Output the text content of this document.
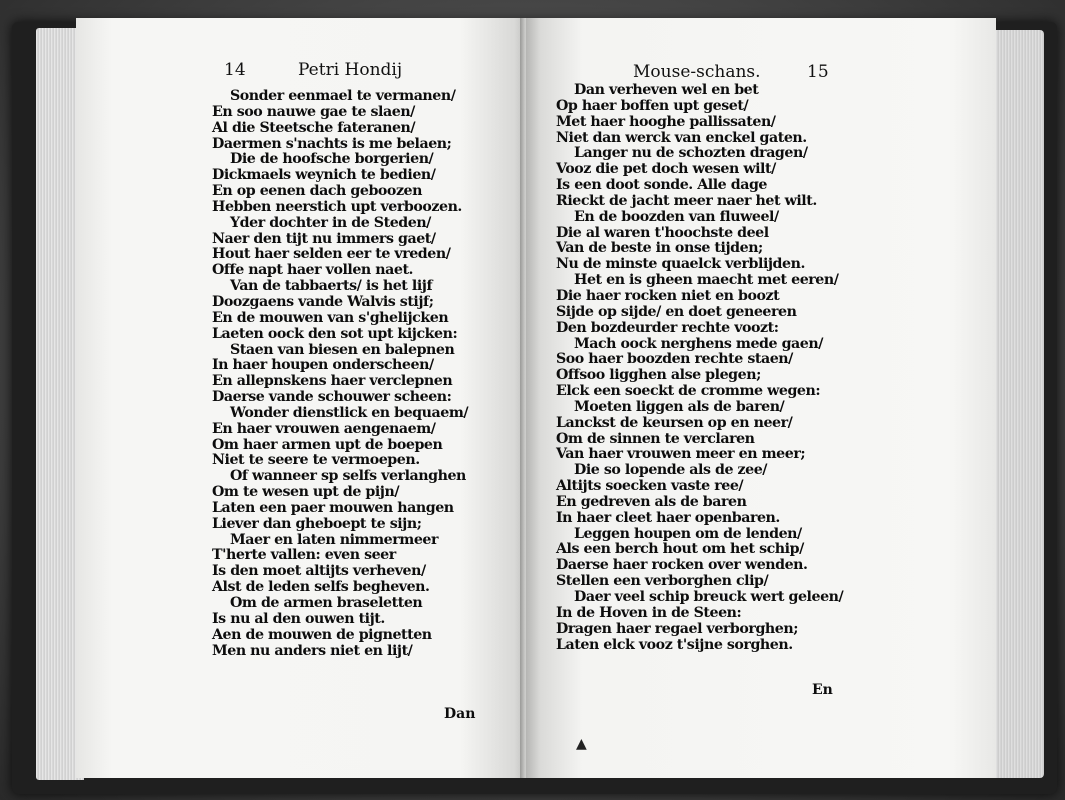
14	Petri Hondij
Sonder eenmael te vermanen/
En soo nauwe gae te slaen/
Al die Steetsche fateranen/
Daermen s'nachts is me belaen;
Die de hoofsche borgerien/
Dickmaels weynich te bedien/
En op eenen dach geboozen
Hebben neerstich upt verboozen.
Yder dochter in de Steden/
Naer den tijt nu immers gaet/
Hout haer selden eer te vreden/
Offe napt haer vollen naet.
Van de tabbaerts/ is het lijf
Doozgaens vande Walvis stijf;
En de mouwen van s'ghelijcken
Laeten oock den sot upt kijcken:
Staen van biesen en balepnen
In haer houpen onderscheen/
En allepnskens haer verclepnen
Daerse vande schouwer scheen:
Wonder dienstlick en bequaem/
En haer vrouwen aengenaem/
Om haer armen upt de boepen
Niet te seere te vermoepen.
Of wanneer sp selfs verlanghen
Om te wesen upt de pijn/
Laten een paer mouwen hangen
Liever dan gheboept te sijn;
Maer en laten nimmermeer
T'herte vallen: even seer
Is den moet altijts verheven/
Alst de leden selfs begheven.
Om de armen braseletten
Is nu al den ouwen tijt.
Aen de mouwen de pignetten
Men nu anders niet en lijt/
Dan
Mouse-schans.	15
Dan verheven wel en bet
Op haer boffen upt geset/
Met haer hooghe pallissaten/
Niet dan werck van enckel gaten.
Langer nu de schozten dragen/
Vooz die pet doch wesen wilt/
Is een doot sonde. Alle dage
Rieckt de jacht meer naer het wilt.
En de boozden van fluweel/
Die al waren t'hoochste deel
Van de beste in onse tijden;
Nu de minste quaelck verblijden.
Het en is gheen maecht met eeren/
Die haer rocken niet en boozt
Sijde op sijde/ en doet geneeren
Den bozdeurder rechte voozt:
Mach oock nerghens mede gaen/
Soo haer boozden rechte staen/
Offsoo ligghen alse plegen;
Elck een soeckt de cromme wegen:
Moeten liggen als de baren/
Lanckst de keursen op en neer/
Om de sinnen te verclaren
Van haer vrouwen meer en meer;
Die so lopende als de zee/
Altijts soecken vaste ree/
En gedreven als de baren
In haer cleet haer openbaren.
Leggen houpen om de lenden/
Als een berch hout om het schip/
Daerse haer rocken over wenden.
Stellen een verborghen clip/
Daer veel schip breuck wert geleen/
In de Hoven in de Steen:
Dragen haer regael verborghen;
Laten elck vooz t'sijne sorghen.
En
▲
